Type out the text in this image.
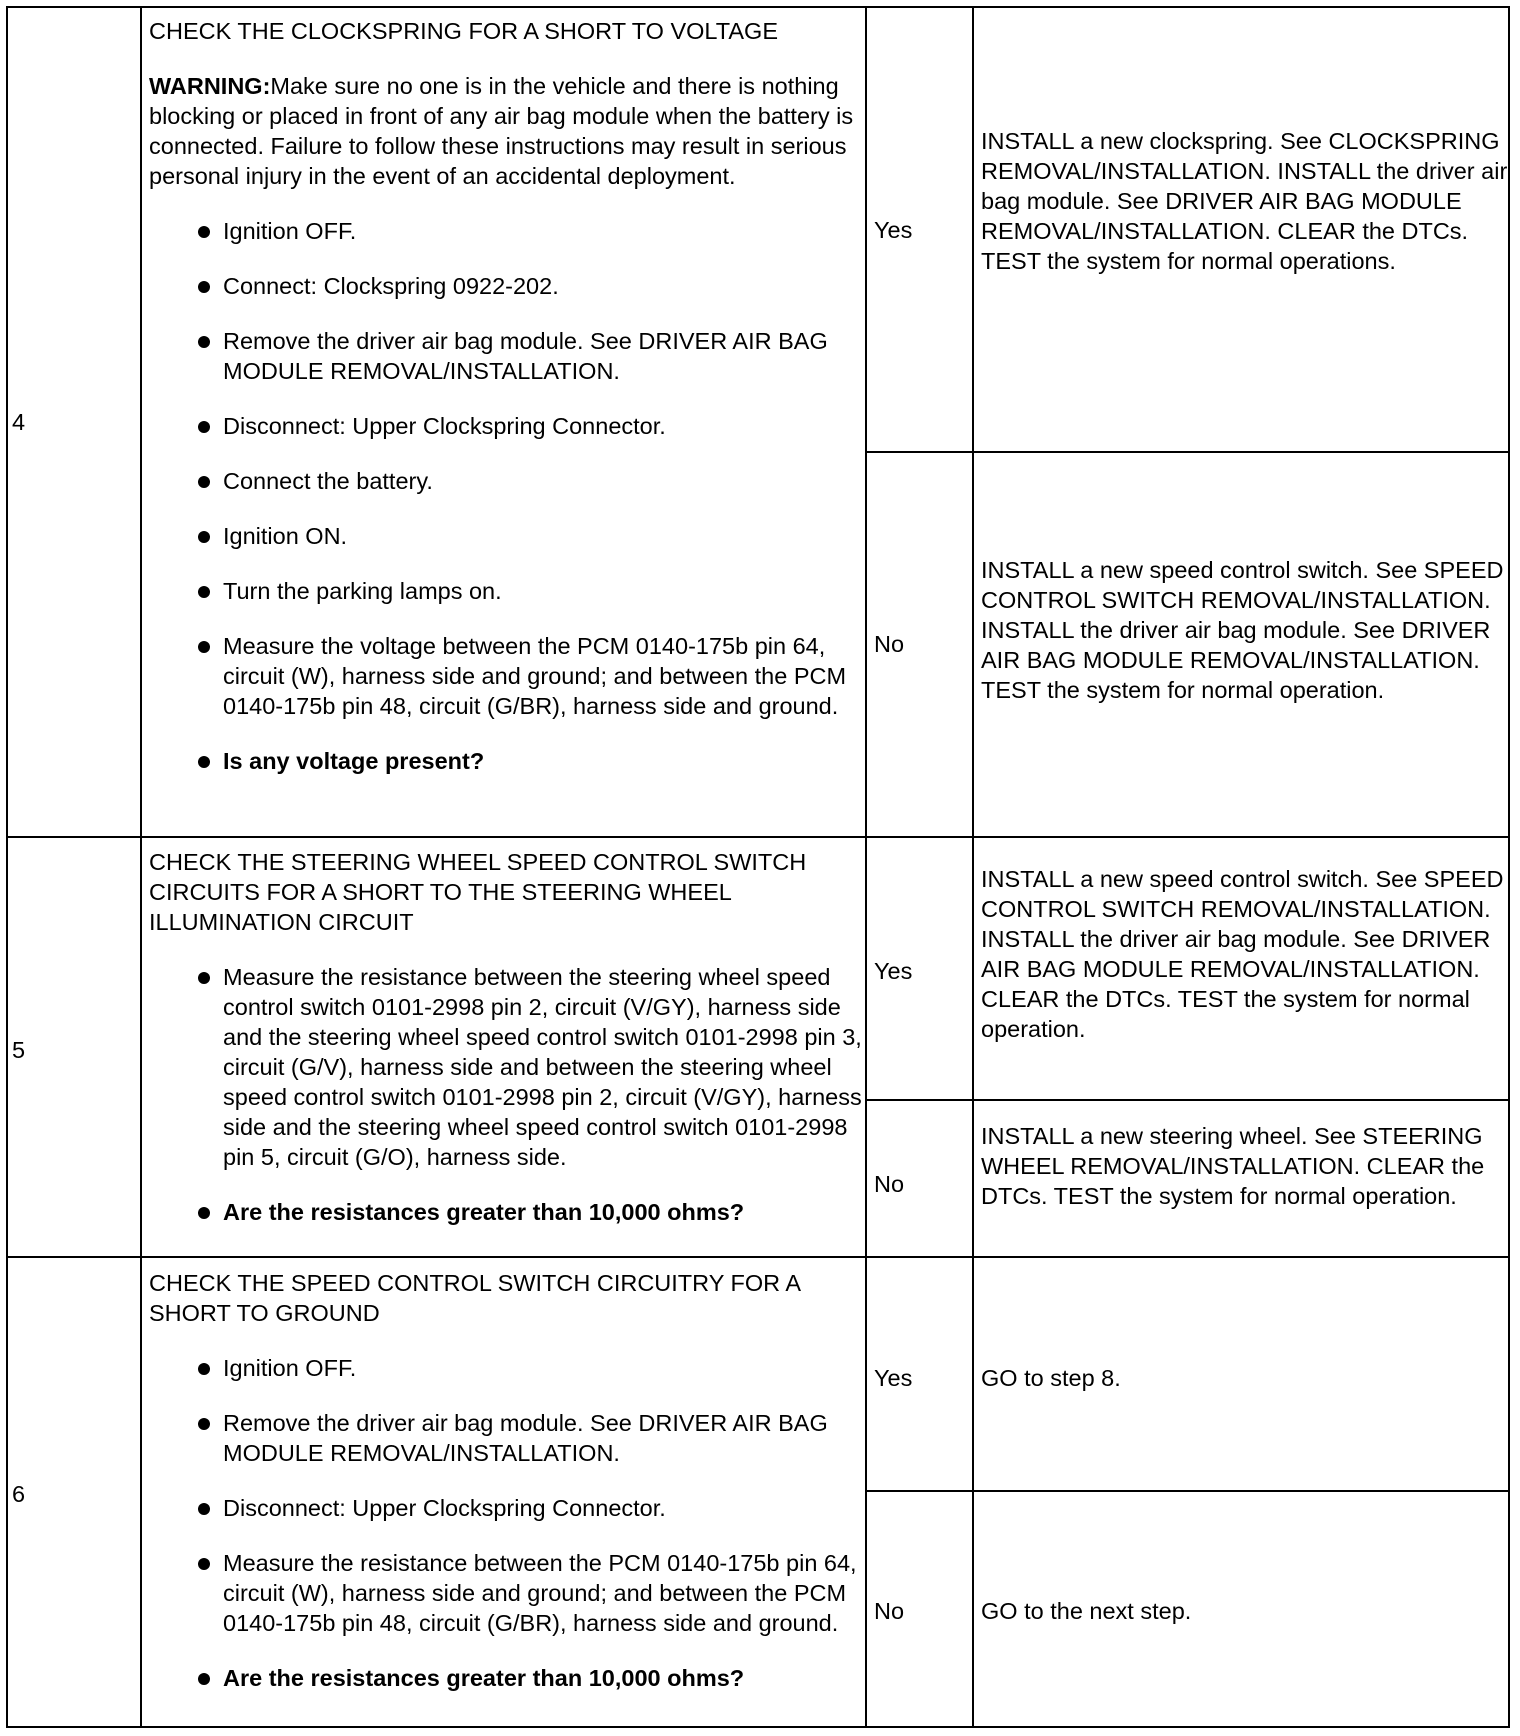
4
CHECK THE CLOCKSPRING FOR A SHORT TO VOLTAGE
WARNING:Make sure no one is in the vehicle and there is nothing blocking or placed in front of any air bag module when the battery is connected. Failure to follow these instructions may result in serious personal injury in the event of an accidental deployment.
Ignition OFF.
Connect: Clockspring 0922-202.
Remove the driver air bag module. See DRIVER AIR BAG MODULE REMOVAL/INSTALLATION.
Disconnect: Upper Clockspring Connector.
Connect the battery.
Ignition ON.
Turn the parking lamps on.
Measure the voltage between the PCM 0140-175b pin 64, circuit (W), harness side and ground; and between the PCM 0140-175b pin 48, circuit (G/BR), harness side and ground.
Is any voltage present?
Yes
INSTALL a new clockspring. See CLOCKSPRING REMOVAL/INSTALLATION. INSTALL the driver air bag module. See DRIVER AIR BAG MODULE REMOVAL/INSTALLATION. CLEAR the DTCs. TEST the system for normal operations.
No
INSTALL a new speed control switch. See SPEED CONTROL SWITCH REMOVAL/INSTALLATION. INSTALL the driver air bag module. See DRIVER AIR BAG MODULE REMOVAL/INSTALLATION. TEST the system for normal operation.
5
CHECK THE STEERING WHEEL SPEED CONTROL SWITCH CIRCUITS FOR A SHORT TO THE STEERING WHEEL ILLUMINATION CIRCUIT
Measure the resistance between the steering wheel speed control switch 0101-2998 pin 2, circuit (V/GY), harness side and the steering wheel speed control switch 0101-2998 pin 3, circuit (G/V), harness side and between the steering wheel speed control switch 0101-2998 pin 2, circuit (V/GY), harness side and the steering wheel speed control switch 0101-2998 pin 5, circuit (G/O), harness side.
Are the resistances greater than 10,000 ohms?
Yes
INSTALL a new speed control switch. See SPEED CONTROL SWITCH REMOVAL/INSTALLATION. INSTALL the driver air bag module. See DRIVER AIR BAG MODULE REMOVAL/INSTALLATION. CLEAR the DTCs. TEST the system for normal operation.
No
INSTALL a new steering wheel. See STEERING WHEEL REMOVAL/INSTALLATION. CLEAR the DTCs. TEST the system for normal operation.
6
CHECK THE SPEED CONTROL SWITCH CIRCUITRY FOR A SHORT TO GROUND
Ignition OFF.
Remove the driver air bag module. See DRIVER AIR BAG MODULE REMOVAL/INSTALLATION.
Disconnect: Upper Clockspring Connector.
Measure the resistance between the PCM 0140-175b pin 64, circuit (W), harness side and ground; and between the PCM 0140-175b pin 48, circuit (G/BR), harness side and ground.
Are the resistances greater than 10,000 ohms?
Yes	GO to step 8.
No	GO to the next step.
